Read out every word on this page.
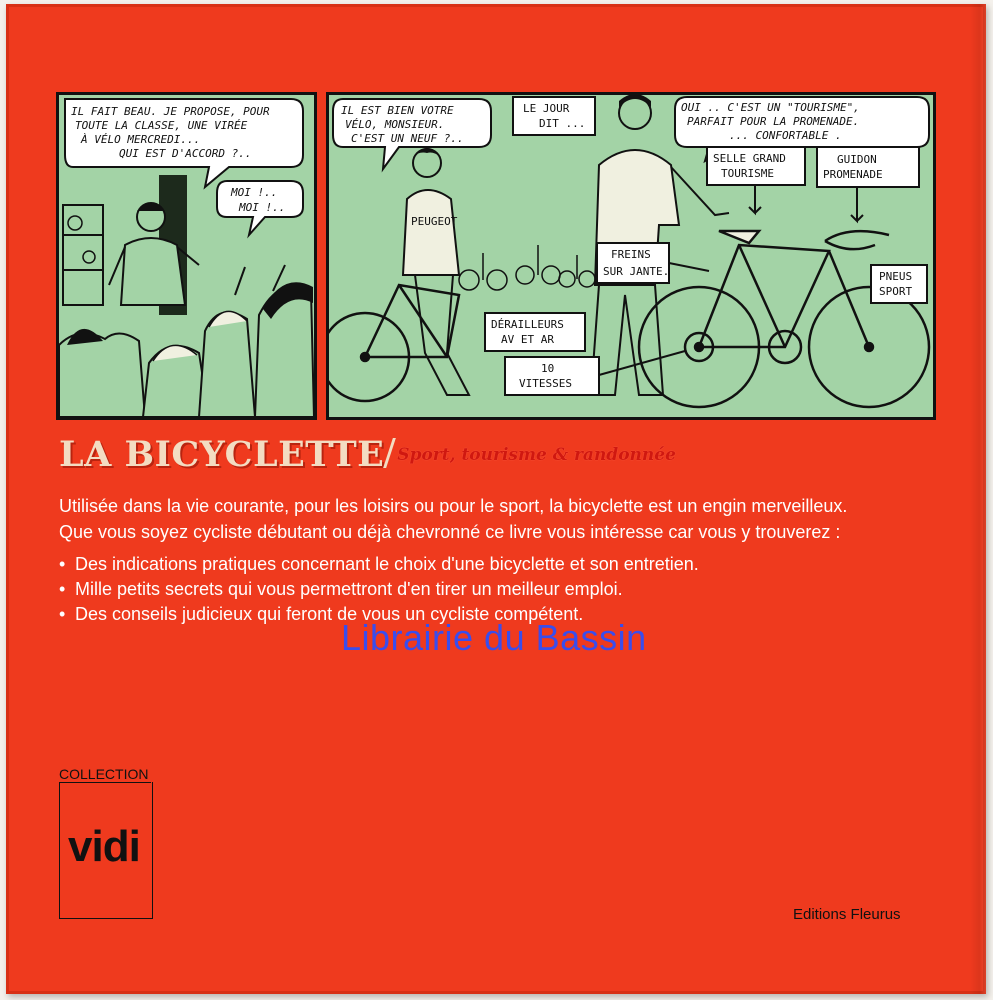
IL FAIT BEAU. JE PROPOSE, POUR
TOUTE LA CLASSE, UNE VIRÉE
À VÉLO MERCREDI...
QUI EST D'ACCORD ?..
MOI !..
MOI !..
IL EST BIEN VOTRE
VÉLO, MONSIEUR.
C'EST UN NEUF ?..
LE JOUR
DIT ...
OUI .. C'EST UN "TOURISME",
PARFAIT POUR LA PROMENADE.
... CONFORTABLE .
PEUGEOT
SELLE GRAND
TOURISME
GUIDON
PROMENADE
FREINS
SUR JANTE.	PNEUS
SPORT
DÉRAILLEURS
AV ET AR
10
VITESSES
LA BICYCLETTE Sport, tourisme & randonnée

Utilisée dans la vie courante, pour les loisirs ou pour le sport, la bicyclette est un engin merveilleux.

Que vous soyez cycliste débutant ou déjà chevronné ce livre vous intéresse car vous y trouverez :

• Des indications pratiques concernant le choix d'une bicyclette et son entretien.
• Mille petits secrets qui vous permettront d'en tirer un meilleur emploi.
• Des conseils judicieux qui feront de vous un cycliste compétent.
Librairie du Bassin
COLLECTION
vidi
Editions Fleurus
